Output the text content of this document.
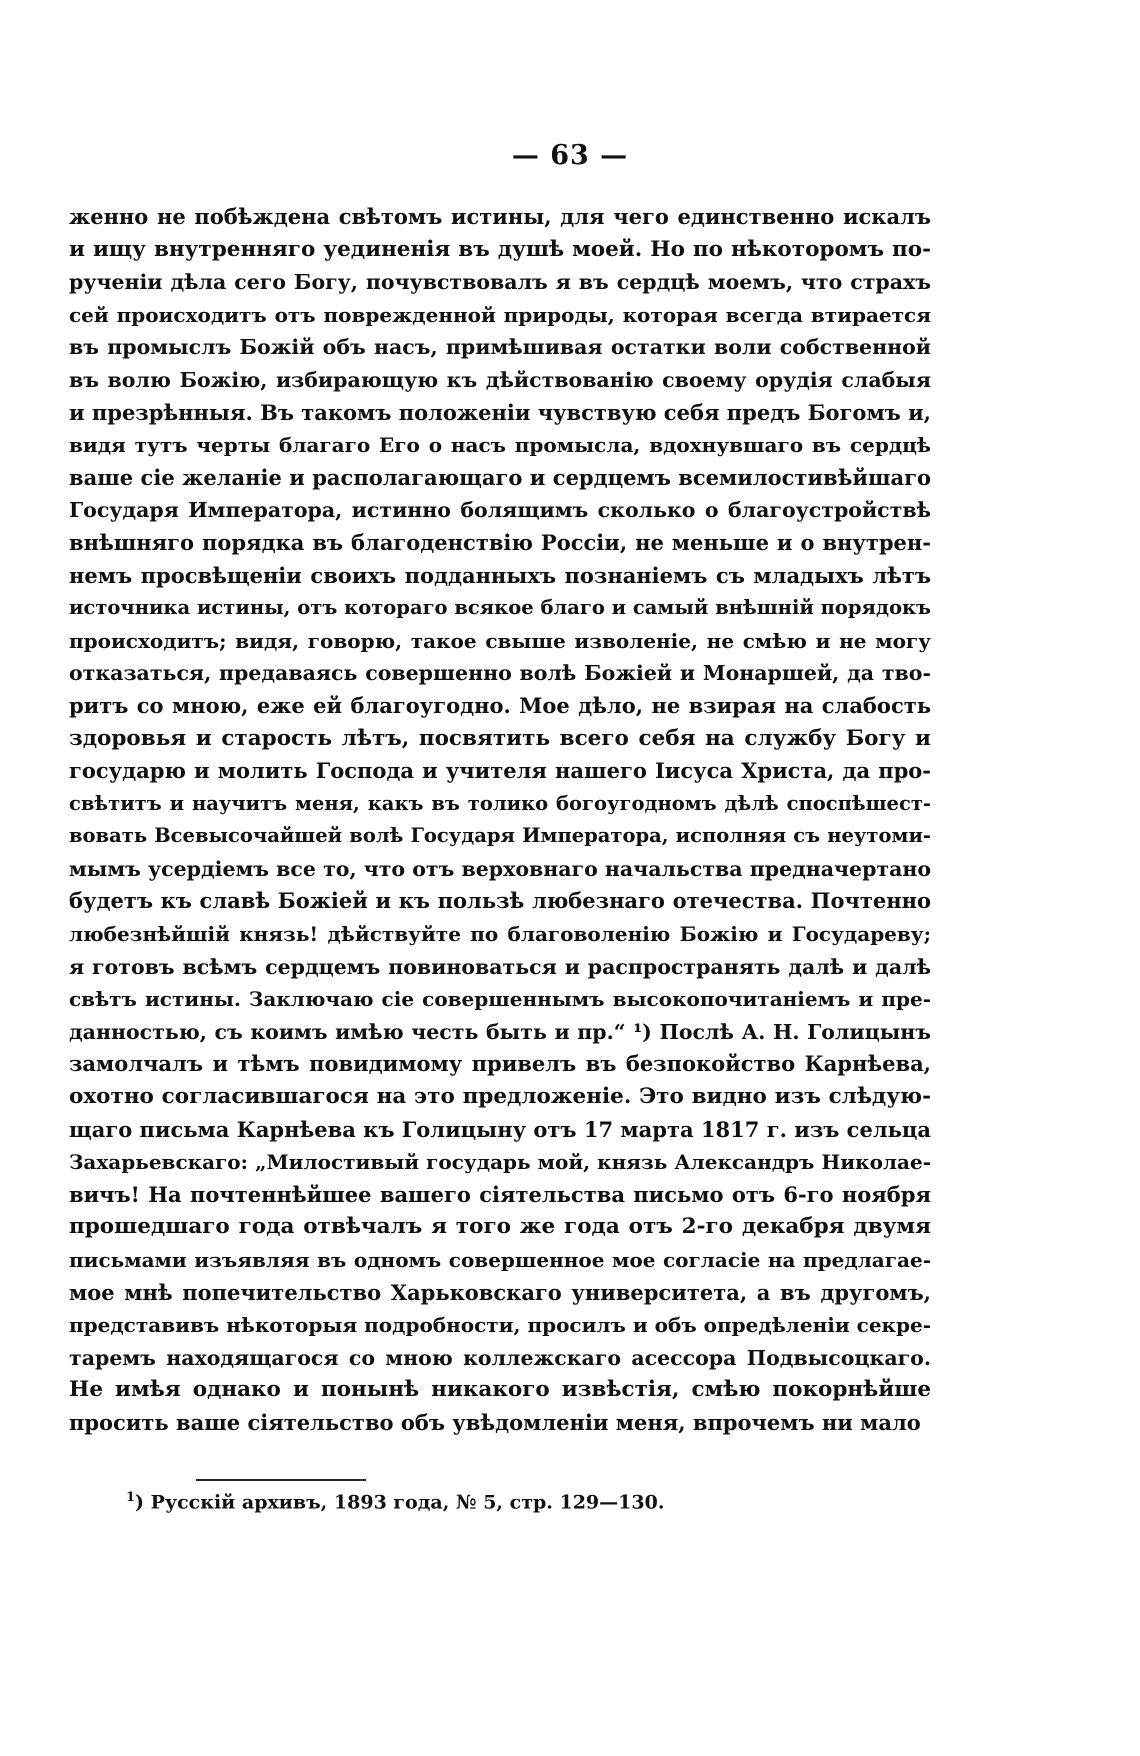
— 63 —
женно не побѣждена свѣтомъ истины, для чего единственно искалъ
и ищу внутренняго уединенія въ душѣ моей. Но по нѣкоторомъ по-
рученіи дѣла сего Богу, почувствовалъ я въ сердцѣ моемъ, что страхъ
сей происходитъ отъ поврежденной природы, которая всегда втирается
въ промыслъ Божій объ насъ, примѣшивая остатки воли собственной
въ волю Божію, избирающую къ дѣйствованію своему орудія слабыя
и презрѣнныя. Въ такомъ положеніи чувствую себя предъ Богомъ и,
видя тутъ черты благаго Его о насъ промысла, вдохнувшаго въ сердцѣ
ваше сіе желаніе и располагающаго и сердцемъ всемилостивѣйшаго
Государя Императора, истинно болящимъ сколько о благоустройствѣ
внѣшняго порядка въ благоденствію Россіи, не меньше и о внутрен-
немъ просвѣщеніи своихъ подданныхъ познаніемъ съ младыхъ лѣтъ
источника истины, отъ котораго всякое благо и самый внѣшній порядокъ
происходитъ; видя, говорю, такое свыше изволеніе, не смѣю и не могу
отказаться, предаваясь совершенно волѣ Божіей и Монаршей, да тво-
ритъ со мною, еже ей благоугодно. Мое дѣло, не взирая на слабость
здоровья и старость лѣтъ, посвятить всего себя на службу Богу и
государю и молить Господа и учителя нашего Іисуса Христа, да про-
свѣтитъ и научитъ меня, какъ въ толико богоугодномъ дѣлѣ споспѣшест-
вовать Всевысочайшей волѣ Государя Императора, исполняя съ неутоми-
мымъ усердіемъ все то, что отъ верховнаго начальства предначертано
будетъ къ славѣ Божіей и къ пользѣ любезнаго отечества. Почтенно
любезнѣйшій князь! дѣйствуйте по благоволенію Божію и Государеву;
я готовъ всѣмъ сердцемъ повиноваться и распространять далѣ и далѣ
свѣтъ истины. Заключаю сіе совершеннымъ высокопочитаніемъ и пре-
данностью, съ коимъ имѣю честь быть и пр.“ ¹) Послѣ А. Н. Голицынъ
замолчалъ и тѣмъ повидимому привелъ въ безпокойство Карнѣева,
охотно согласившагося на это предложеніе. Это видно изъ слѣдую-
щаго письма Карнѣева къ Голицыну отъ 17 марта 1817 г. изъ сельца
Захарьевскаго: „Милостивый государь мой, князь Александръ Николае-
вичъ! На почтеннѣйшее вашего сіятельства письмо отъ 6-го ноября
прошедшаго года отвѣчалъ я того же года отъ 2-го декабря двумя
письмами изъявляя въ одномъ совершенное мое согласіе на предлагае-
мое мнѣ попечительство Харьковскаго университета, а въ другомъ,
представивъ нѣкоторыя подробности, просилъ и объ опредѣленіи секре-
таремъ находящагося со мною коллежскаго асессора Подвысоцкаго.
Не имѣя однако и понынѣ никакого извѣстія, смѣю покорнѣйше
просить ваше сіятельство объ увѣдомленіи меня, впрочемъ ни мало
$^1$) Русскій архивъ, 1893 года, № 5, стр. 129—130.
